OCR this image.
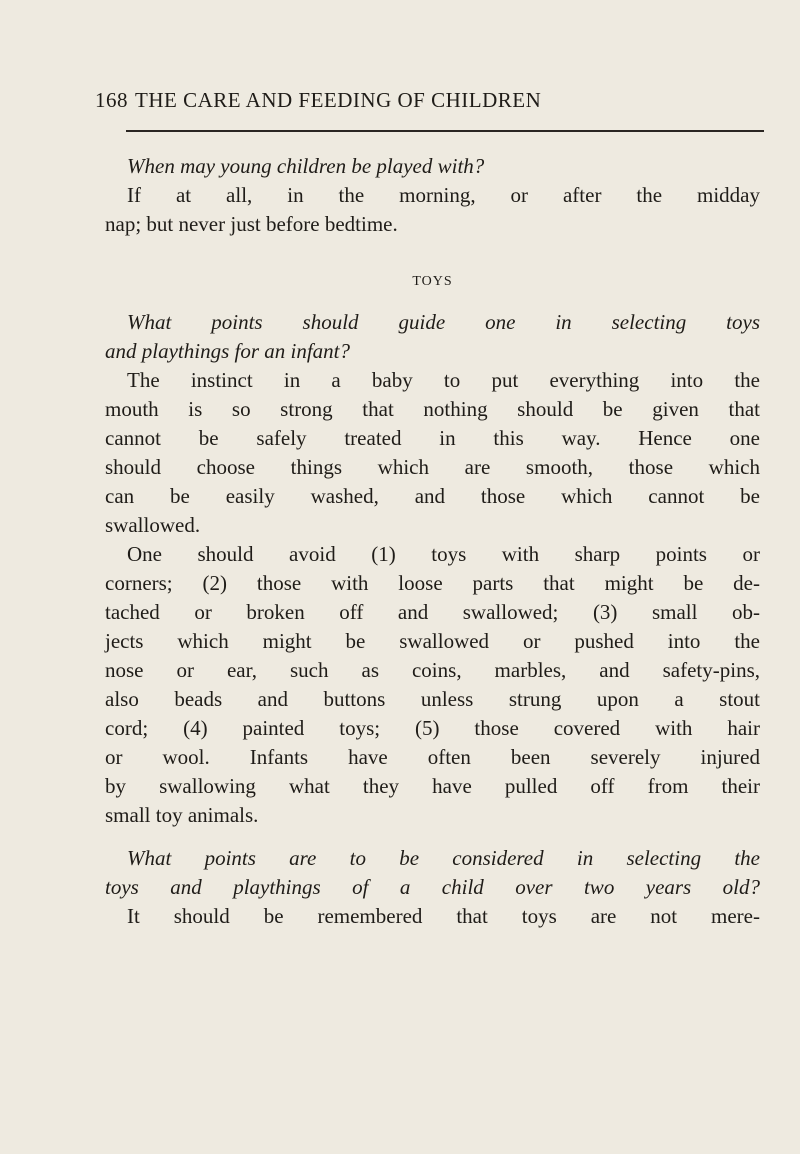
168 THE CARE AND FEEDING OF CHILDREN
When may young children be played with?
If at all, in the morning, or after the midday
nap; but never just before bedtime.
TOYS
What points should guide one in selecting toys
and playthings for an infant?
The instinct in a baby to put everything into the
mouth is so strong that nothing should be given that
cannot be safely treated in this way. Hence one
should choose things which are smooth, those which
can be easily washed, and those which cannot be
swallowed.
One should avoid (1) toys with sharp points or
corners; (2) those with loose parts that might be de-
tached or broken off and swallowed; (3) small ob-
jects which might be swallowed or pushed into the
nose or ear, such as coins, marbles, and safety-pins,
also beads and buttons unless strung upon a stout
cord; (4) painted toys; (5) those covered with hair
or wool. Infants have often been severely injured
by swallowing what they have pulled off from their
small toy animals.
What points are to be considered in selecting the
toys and playthings of a child over two years old?
It should be remembered that toys are not mere-
